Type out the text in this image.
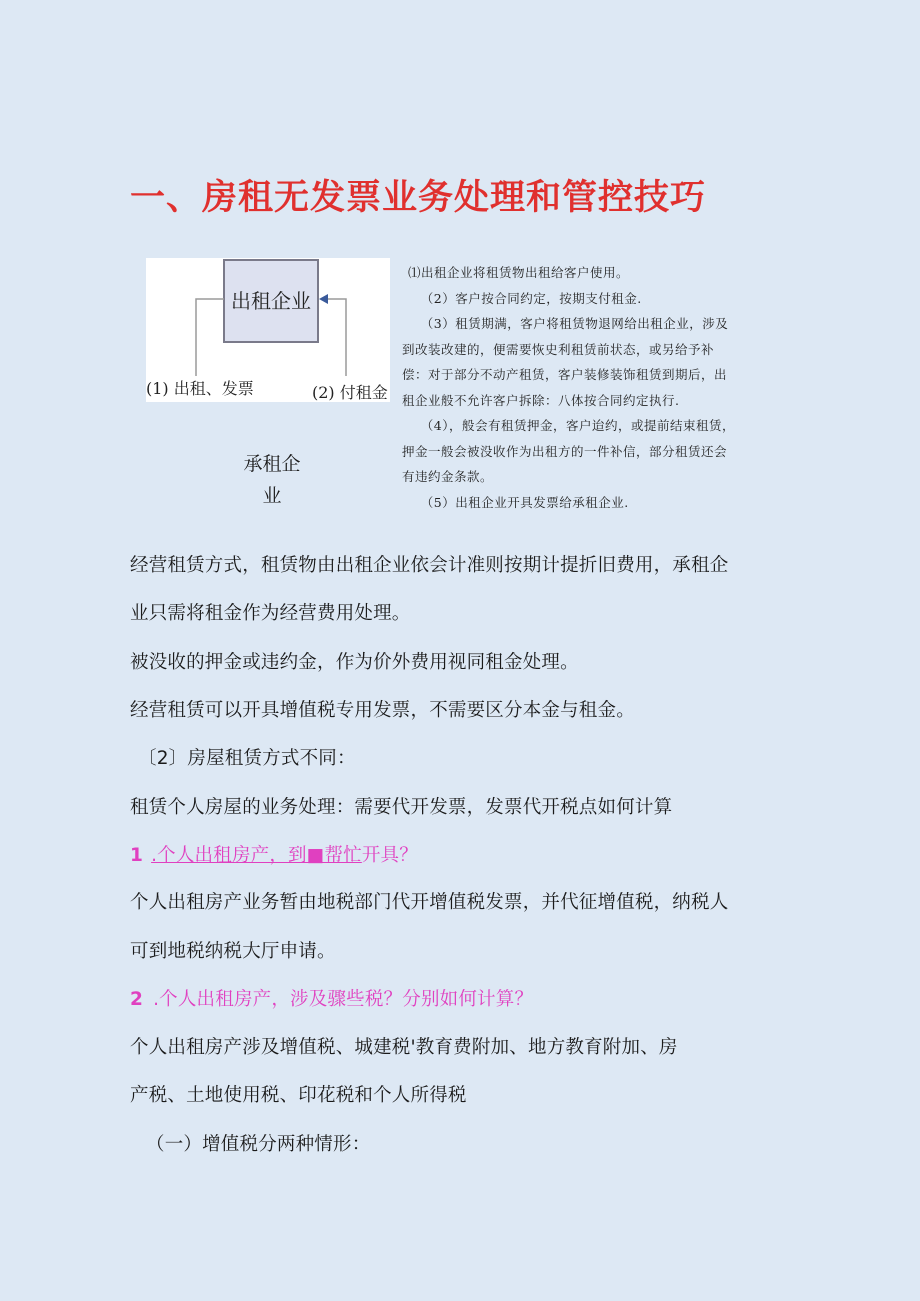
一、房租无发票业务处理和管控技巧
出租企业
(1) 出租、发票	(2) 付租金
承租企
业

⑴出租企业将租赁物出租给客户使用。

（2）客户按合同约定，按期支付租金.

（3）租赁期满，客户将租赁物退网给出租企业，涉及

到改装改建的，便需要恢史利租赁前状态，或另给予补

偿：对于部分不动产租赁，客户装修装饰租赁到期后，出

租企业般不允许客户拆除：八体按合同约定执行.

（4），般会有租赁押金，客户迨约，或提前结束租赁，

押金一般会被没收作为出租方的一件补信，部分租赁还会

有违约金条款。

（5）出租企业开具发票给承租企业.

经营租赁方式，租赁物由出租企业依会计准则按期计提折旧费用，承租企
业只需将租金作为经营费用处理。
被没收的押金或违约金，作为价外费用视同租金处理。
经营租赁可以开具增值税专用发票，不需要区分本金与租金。
〔2〕房屋租赁方式不同：
租赁个人房屋的业务处理：需要代开发票，发票代开税点如何计算
1 .个人出租房产，到■帮忙开具？
个人出租房产业务暂由地税部门代开增值税发票，并代征增值税，纳税人
可到地税纳税大厅申请。
2 .个人出租房产，涉及骤些税？分别如何计算？
个人出租房产涉及增值税、城建税'教育费附加、地方教育附加、房
产税、土地使用税、印花税和个人所得税
（一）增值税分两种情形：
